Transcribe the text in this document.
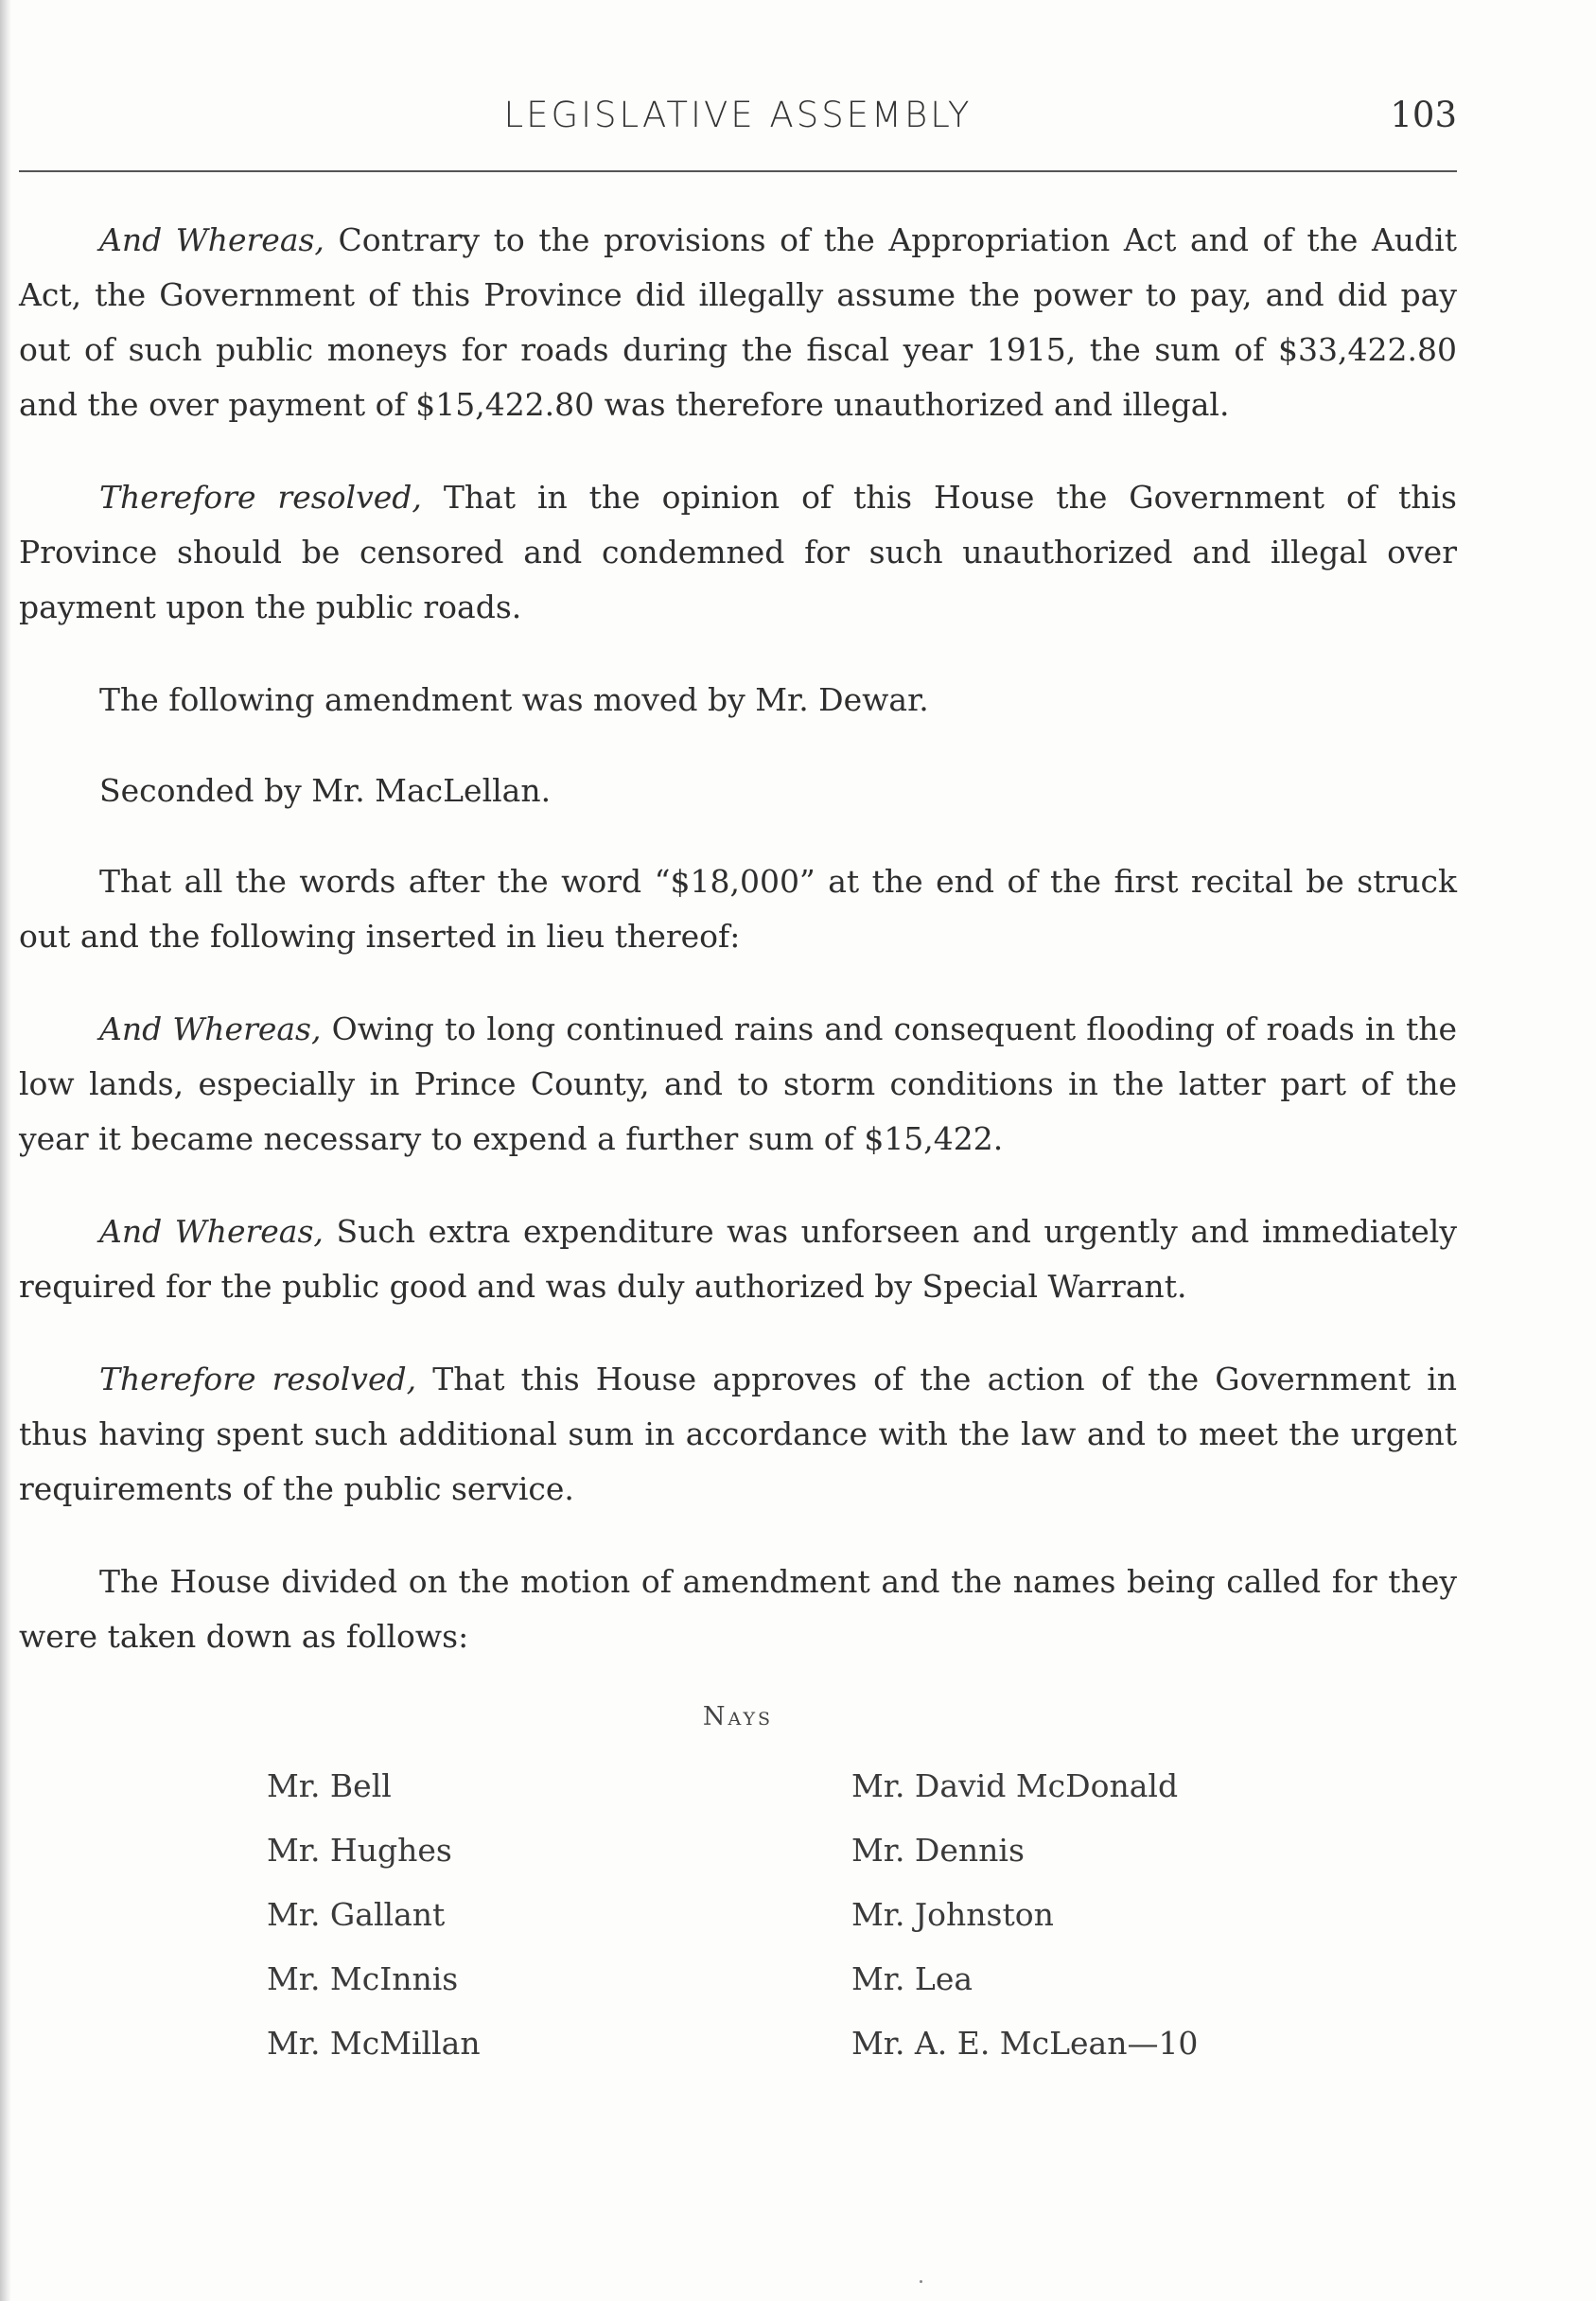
LEGISLATIVE ASSEMBLY	103

And Whereas, Contrary to the provisions of the Appropriation Act and of the Audit Act, the Government of this Province did illegally assume the power to pay, and did pay out of such public moneys for roads during the fiscal year 1915, the sum of $33,422.80 and the over payment of $15,422.80 was therefore unauthorized and illegal.

Therefore resolved, That in the opinion of this House the Government of this Province should be censored and condemned for such unauthorized and illegal over payment upon the public roads.

The following amendment was moved by Mr. Dewar.

Seconded by Mr. MacLellan.

That all the words after the word “$18,000” at the end of the first recital be struck out and the following inserted in lieu thereof:

And Whereas, Owing to long continued rains and consequent flooding of roads in the low lands, especially in Prince County, and to storm conditions in the latter part of the year it became necessary to expend a further sum of $15,422.

And Whereas, Such extra expenditure was unforseen and urgently and immediately required for the public good and was duly authorized by Special Warrant.

Therefore resolved, That this House approves of the action of the Government in thus having spent such additional sum in accordance with the law and to meet the urgent requirements of the public service.

The House divided on the motion of amendment and the names being called for they were taken down as follows:

Nays
Mr. Bell
Mr. Hughes
Mr. Gallant
Mr. McInnis
Mr. McMillan
Mr. David McDonald
Mr. Dennis
Mr. Johnston
Mr. Lea
Mr. A. E. McLean—10
